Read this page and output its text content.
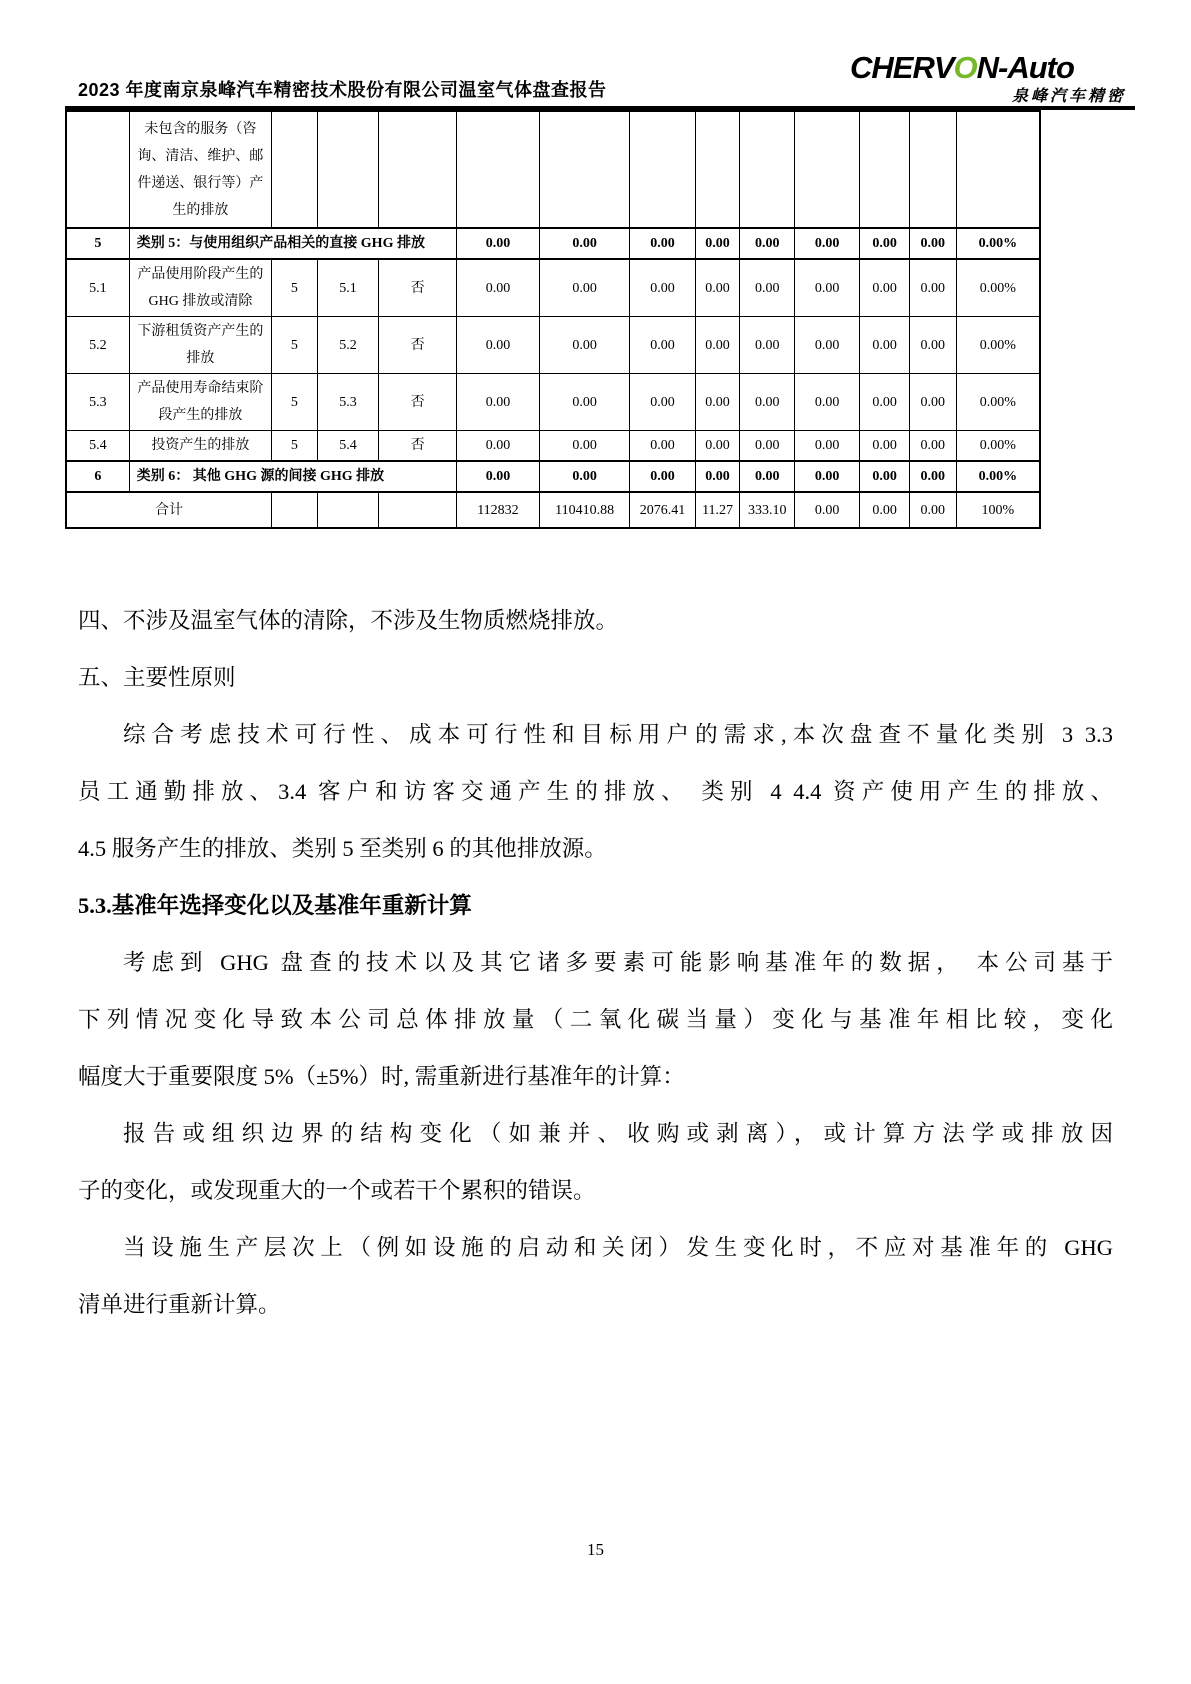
2023 年度南京泉峰汽车精密技术股份有限公司温室气体盘查报告
CHERVON-Auto
泉峰汽车精密
	未包含的服务（咨询、清洁、维护、邮件递送、银行等）产生的排放												
5	类别 5：与使用组织产品相关的直接 GHG 排放				0.00	0.00	0.00	0.00	0.00	0.00	0.00	0.00	0.00%
5.1	产品使用阶段产生的 GHG 排放或清除	5	5.1	否	0.00	0.00	0.00	0.00	0.00	0.00	0.00	0.00	0.00%
5.2	下游租赁资产产生的排放	5	5.2	否	0.00	0.00	0.00	0.00	0.00	0.00	0.00	0.00	0.00%
5.3	产品使用寿命结束阶段产生的排放	5	5.3	否	0.00	0.00	0.00	0.00	0.00	0.00	0.00	0.00	0.00%
5.4	投资产生的排放	5	5.4	否	0.00	0.00	0.00	0.00	0.00	0.00	0.00	0.00	0.00%
6	类别 6： 其他 GHG 源的间接 GHG 排放				0.00	0.00	0.00	0.00	0.00	0.00	0.00	0.00	0.00%
合计					112832	110410.88	2076.41	11.27	333.10	0.00	0.00	0.00	100%
四、不涉及温室气体的清除，不涉及生物质燃烧排放。
五、主要性原则
综合考虑技术可行性、成本可行性和目标用户的需求,本次盘查不量化类别 3 3.3
员工通勤排放、3.4 客户和访客交通产生的排放、 类别 4 4.4 资产使用产生的排放、
4.5 服务产生的排放、类别 5 至类别 6 的其他排放源。
5.3.基准年选择变化以及基准年重新计算
考虑到 GHG 盘查的技术以及其它诸多要素可能影响基准年的数据， 本公司基于
下列情况变化导致本公司总体排放量（二氧化碳当量）变化与基准年相比较，变化
幅度大于重要限度 5%（±5%）时, 需重新进行基准年的计算：
报告或组织边界的结构变化（如兼并、收购或剥离），或计算方法学或排放因
子的变化，或发现重大的一个或若干个累积的错误。
当设施生产层次上（例如设施的启动和关闭）发生变化时，不应对基准年的 GHG
清单进行重新计算。
15
